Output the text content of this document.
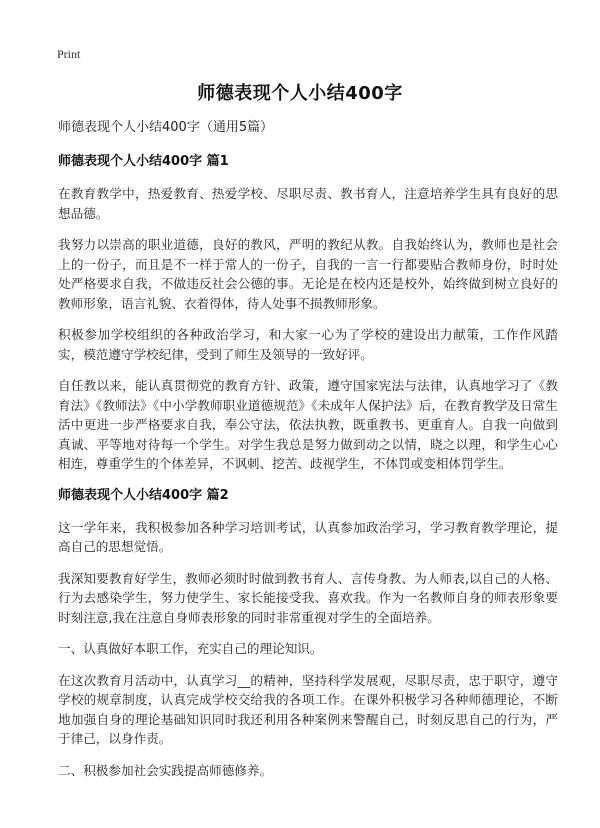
Print
师德表现个人小结400字
师德表现个人小结400字（通用5篇）
师德表现个人小结400字 篇1

在教育教学中，热爱教育、热爱学校、尽职尽责、教书育人，注意培养学生具有良好的思想品德。

我努力以崇高的职业道德，良好的教风，严明的教纪从教。自我始终认为，教师也是社会上的一份子，而且是不一样于常人的一份子，自我的一言一行都要贴合教师身份，时时处处严格要求自我，不做违反社会公德的事。无论是在校内还是校外，始终做到树立良好的教师形象，语言礼貌、衣着得体，待人处事不损教师形象。

积极参加学校组织的各种政治学习，和大家一心为了学校的建设出力献策，工作作风踏实，模范遵守学校纪律，受到了师生及领导的一致好评。

自任教以来，能认真贯彻党的教育方针、政策，遵守国家宪法与法律，认真地学习了《教育法》《教师法》《中小学教师职业道德规范》《未成年人保护法》后，在教育教学及日常生活中更进一步严格要求自我，奉公守法，依法执教，既重教书、更重育人。自我一向做到真诚、平等地对待每一个学生。对学生我总是努力做到动之以情，晓之以理，和学生心心相连，尊重学生的个体差异，不讽刺、挖苦、歧视学生，不体罚或变相体罚学生。

师德表现个人小结400字 篇2

这一学年来，我积极参加各种学习培训考试，认真参加政治学习，学习教育教学理论，提高自己的思想觉悟。

我深知要教育好学生，教师必须时时做到教书育人、言传身教、为人师表,以自己的人格、行为去感染学生，努力使学生、家长能接受我、喜欢我。作为一名教师自身的师表形象要时刻注意,我在注意自身师表形象的同时非常重视对学生的全面培养。

一、认真做好本职工作，充实自己的理论知识。

在这次教育月活动中，认真学习__的精神，坚持科学发展观，尽职尽责，忠于职守，遵守学校的规章制度，认真完成学校交给我的各项工作。在课外积极学习各种师德理论，不断地加强自身的理论基础知识同时我还利用各种案例来警醒自己，时刻反思自己的行为，严于律己，以身作责。

二、积极参加社会实践提高师德修养。
